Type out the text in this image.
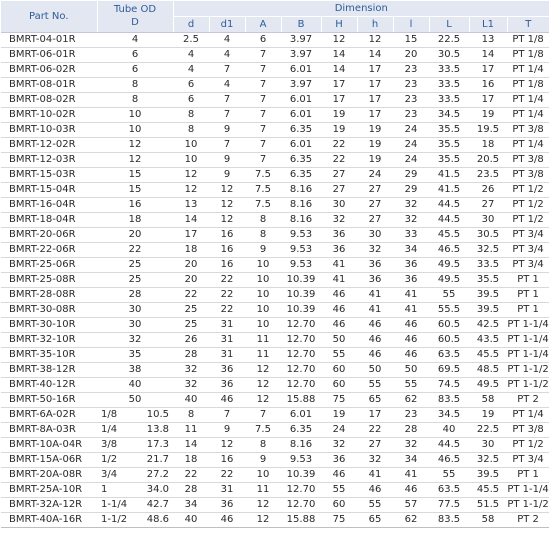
Part No.	Tube OD
D	Dimension									
		d	d1	A	B	H	h	l	L	L1	T
BMRT-04-01R	4	2.5	4	6	3.97	12	12	15	22.5	13	PT 1/8
BMRT-06-01R	6	4	4	7	3.97	14	14	20	30.5	14	PT 1/8
BMRT-06-02R	6	4	7	7	6.01	14	17	23	33.5	17	PT 1/4
BMRT-08-01R	8	6	4	7	3.97	17	17	23	33.5	16	PT 1/8
BMRT-08-02R	8	6	7	7	6.01	17	17	23	33.5	17	PT 1/4
BMRT-10-02R	10	8	7	7	6.01	19	17	23	34.5	19	PT 1/4
BMRT-10-03R	10	8	9	7	6.35	19	19	24	35.5	19.5	PT 3/8
BMRT-12-02R	12	10	7	7	6.01	22	19	24	35.5	18	PT 1/4
BMRT-12-03R	12	10	9	7	6.35	22	19	24	35.5	20.5	PT 3/8
BMRT-15-03R	15	12	9	7.5	6.35	27	24	29	41.5	23.5	PT 3/8
BMRT-15-04R	15	12	12	7.5	8.16	27	27	29	41.5	26	PT 1/2
BMRT-16-04R	16	13	12	7.5	8.16	30	27	32	44.5	27	PT 1/2
BMRT-18-04R	18	14	12	8	8.16	32	27	32	44.5	30	PT 1/2
BMRT-20-06R	20	17	16	8	9.53	36	30	33	45.5	30.5	PT 3/4
BMRT-22-06R	22	18	16	9	9.53	36	32	34	46.5	32.5	PT 3/4
BMRT-25-06R	25	20	16	10	9.53	41	36	36	49.5	33.5	PT 3/4
BMRT-25-08R	25	20	22	10	10.39	41	36	36	49.5	35.5	PT 1
BMRT-28-08R	28	22	22	10	10.39	46	41	41	55	39.5	PT 1
BMRT-30-08R	30	25	22	10	10.39	46	41	41	55.5	39.5	PT 1
BMRT-30-10R	30	25	31	10	12.70	46	46	46	60.5	42.5	PT 1-1/4
BMRT-32-10R	32	26	31	11	12.70	50	46	46	60.5	43.5	PT 1-1/4
BMRT-35-10R	35	28	31	11	12.70	55	46	46	63.5	45.5	PT 1-1/4
BMRT-38-12R	38	32	36	12	12.70	60	50	50	69.5	48.5	PT 1-1/2
BMRT-40-12R	40	32	36	12	12.70	60	55	55	74.5	49.5	PT 1-1/2
BMRT-50-16R	50	40	46	12	15.88	75	65	62	83.5	58	PT 2
BMRT-6A-02R	1/8 10.5	8	7	7	6.01	19	17	23	34.5	19	PT 1/4
BMRT-8A-03R	1/4 13.8	11	9	7.5	6.35	24	22	28	40	22.5	PT 3/8
BMRT-10A-04R	3/8 17.3	14	12	8	8.16	32	27	32	44.5	30	PT 1/2
BMRT-15A-06R	1/2 21.7	18	16	9	9.53	36	32	34	46.5	32.5	PT 3/4
BMRT-20A-08R	3/4 27.2	22	22	10	10.39	46	41	41	55	39.5	PT 1
BMRT-25A-10R	1 34.0	28	31	11	12.70	55	46	46	63.5	45.5	PT 1-1/4
BMRT-32A-12R	1-1/4 42.7	34	36	12	12.70	60	55	57	77.5	51.5	PT 1-1/2
BMRT-40A-16R	1-1/2 48.6	40	46	12	15.88	75	65	62	83.5	58	PT 2
